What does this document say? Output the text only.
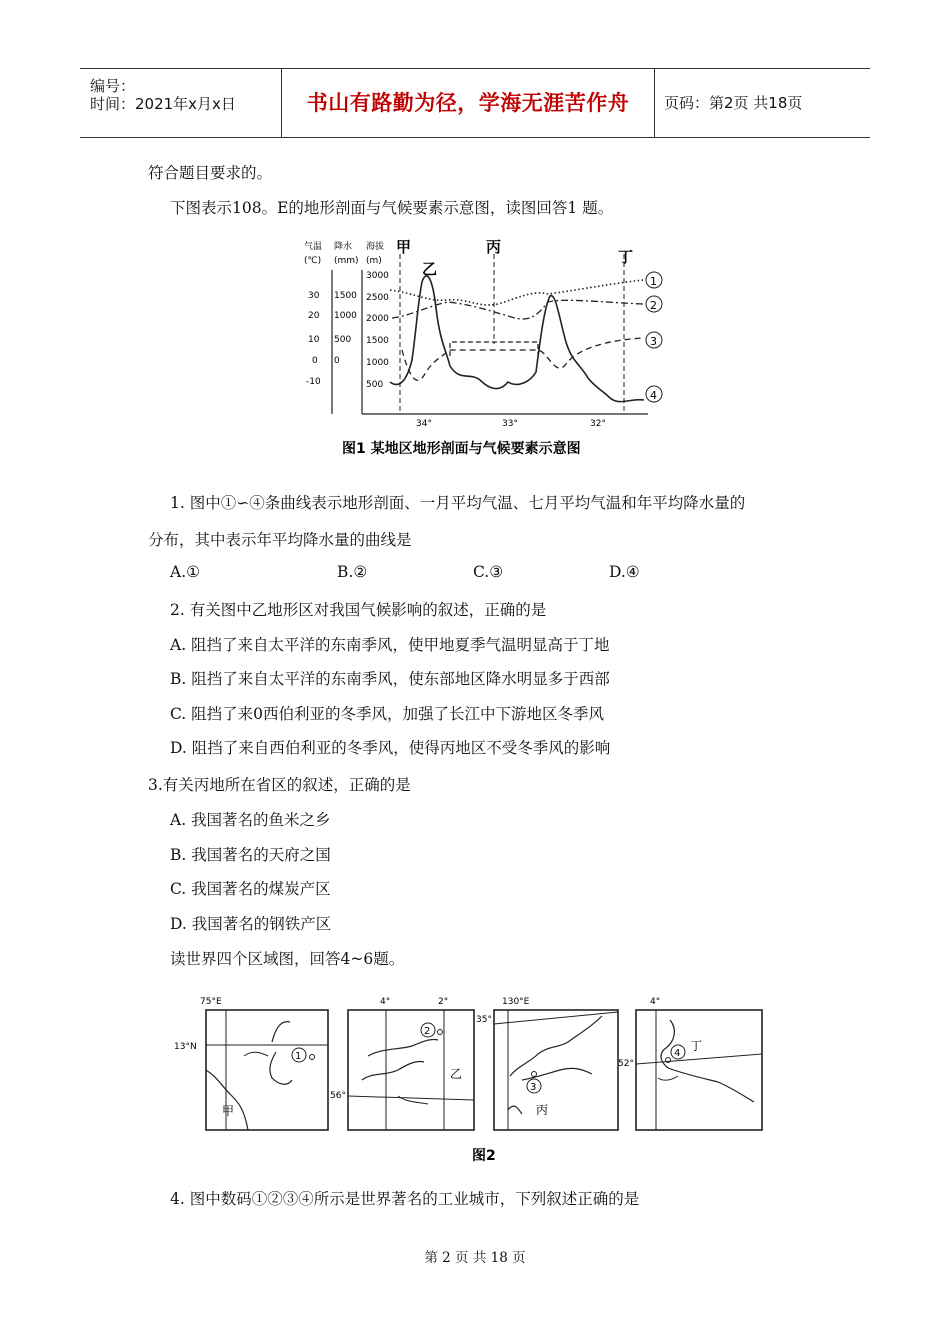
编号：
时间：2021年x月x日	书山有路勤为径，学海无涯苦作舟	页码：第2页 共18页
符合题目要求的。
下图表示108。E的地形剖面与气候要素示意图，读图回答1 题。
气温
(℃)
降水
(mm)
海拔
(m)
30
20
10
0
-10
1500
1000
500
0
3000
2500
2000
1500
1000
500
34°	33°	32°
甲
乙
丙
丁
1
2
3
4
图1 某地区地形剖面与气候要素示意图
1. 图中①∽④条曲线表示地形剖面、一月平均气温、七月平均气温和年平均降水量的
分布，其中表示年平均降水量的曲线是
A.①	B.②	C.③	D.④
2. 有关图中乙地形区对我国气候影响的叙述，正确的是
A. 阻挡了来自太平洋的东南季风，使甲地夏季气温明显高于丁地
B. 阻挡了来自太平洋的东南季风，使东部地区降水明显多于西部
C. 阻挡了来0西伯利亚的冬季风，加强了长江中下游地区冬季风
D. 阻挡了来自西伯利亚的冬季风，使得丙地区不受冬季风的影响
3.有关丙地所在省区的叙述，正确的是
A. 我国著名的鱼米之乡
B. 我国著名的天府之国
C. 我国著名的煤炭产区
D. 我国著名的钢铁产区
读世界四个区域图，回答4~6题。
75°E
13°N
1
甲
4°	2°
56°
2
乙
130°E
35°
3
丙
4°
52°
4
丁
图2
4. 图中数码①②③④所示是世界著名的工业城市，下列叙述正确的是
第 2 页 共 18 页
